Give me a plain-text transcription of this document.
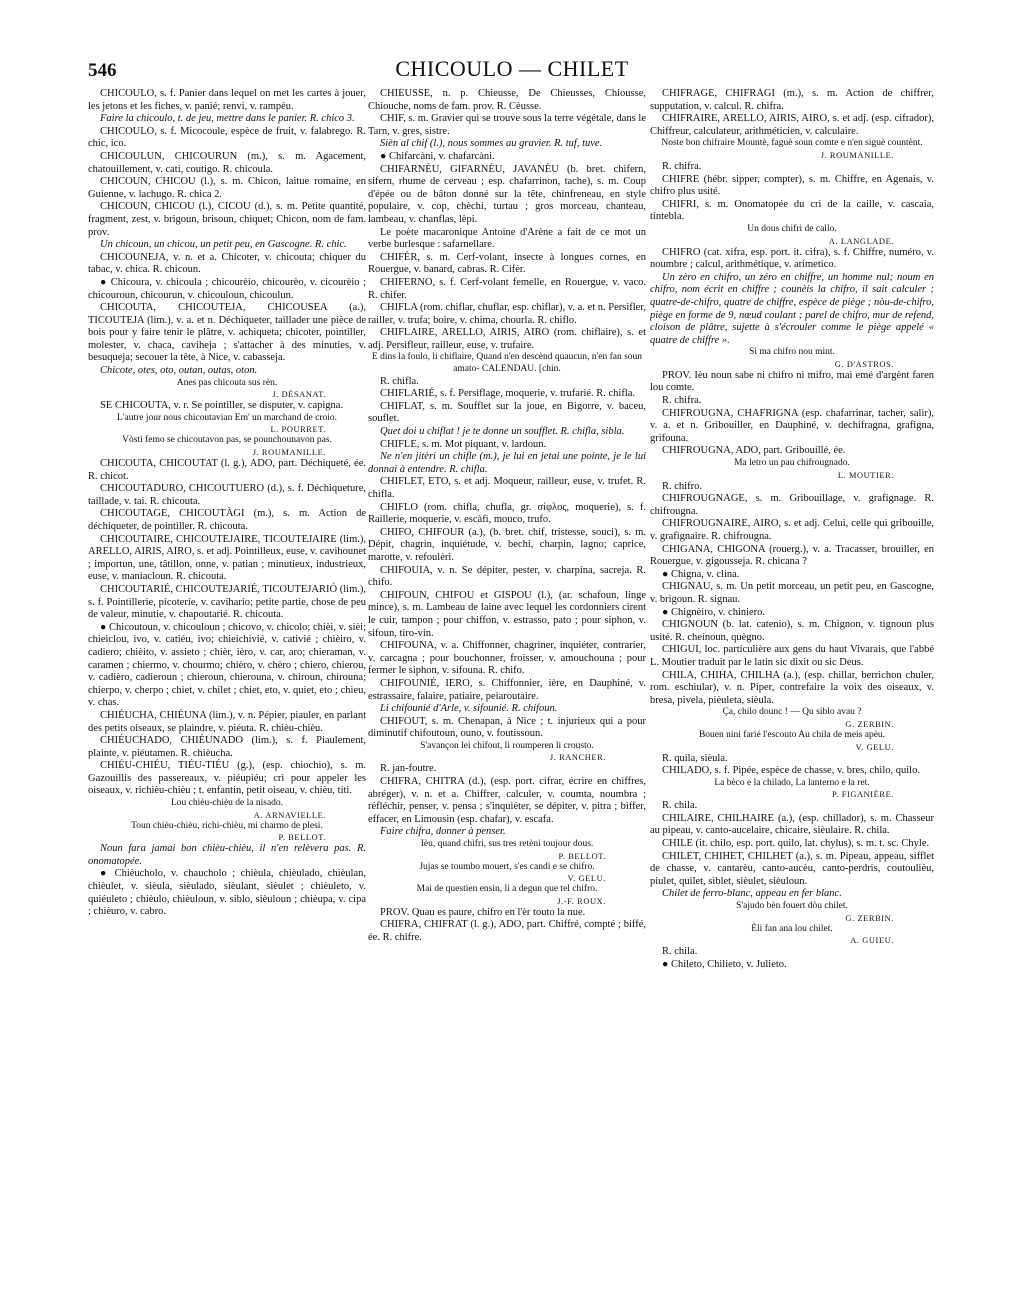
546	CHICOULO — CHILET

CHICOULO, s. f. Panier dans lequel on met les cartes à jouer, les jetons et les fiches, v. panié; renvi, v. rampèu.

Faire la chicoulo, t. de jeu, mettre dans le panier. R. chico 3.

CHICOULO, s. f. Micocoule, espèce de fruit, v. falabrego. R. chic, ico.

CHICOULUN, CHICOURUN (m.), s. m. Agacement, chatouillement, v. cati, coutigo. R. chicoula.

CHICOUN, CHICOU (l.), s. m. Chicon, laitue romaine, en Guienne, v. lachugo. R. chica 2.

CHICOUN, CHICOU (l.), CICOU (d.), s. m. Petite quantité, fragment, zest, v. brigoun, brisoun, chiquet; Chicon, nom de fam. prov.

Un chicoun, un chicou, un petit peu, en Gascogne. R. chic.

CHICOUNEJA, v. n. et a. Chicoter, v. chicouta; chiquer du tabac, v. chica. R. chicoun.

● Chicoura, v. chicoula ; chicourèio, chicourèo, v. cicourèio ; chicouroun, chicourun, v. chicouloun, chicoulun.

CHICOUTA, CHICOUTEJA, CHICOUSEA (a.), TICOUTEJA (lim.), v. a. et n. Déchiqueter, taillader une pièce de bois pour y faire tenir le plâtre, v. achiqueta; chicoter, pointiller, molester, v. chaca, caviheja ; s'attacher à des minuties, v. besuqueja; secouer la tête, à Nice, v. cabasseja.

Chicote, otes, oto, outan, outas, oton.

Anes pas chicouta sus rèn.

J. DÉSANAT.

SE CHICOUTA, v. r. Se pointiller, se disputer, v. capigna.

L'autre jour nous chicoutavian Em' un marchand de croio.

L. POURRET.

Vòsti femo se chicoutavon pas, se pounchounavon pas.

J. ROUMANILLE.

CHICOUTA, CHICOUTAT (l. g.), ADO, part. Déchiqueté, ée. R. chicot.

CHICOUTADURO, CHICOUTUERO (d.), s. f. Déchiqueture, taillade, v. tai. R. chicouta.

CHICOUTAGE, CHICOUTÀGI (m.), s. m. Action de déchiqueter, de pointiller. R. chicouta.

CHICOUTAIRE, CHICOUTEJAIRE, TICOUTEJAIRE (lim.), ARELLO, AIRIS, AIRO, s. et adj. Pointilleux, euse, v. cavihounet ; importun, une, tâtillon, onne, v. patian ; minutieux, industrieux, euse, v. maniacloun. R. chicouta.

CHICOUTARIÉ, CHICOUTEJARIÉ, TICOUTEJARIÓ (lim.), s. f. Pointillerie, picoterie, v. cavihario; petite partie, chose de peu de valeur, minutie, v. chapoutarié. R. chicouta.

● Chicoutoun, v. chicouloun ; chicovo, v. chicolo; chièi, v. sièi; chieiclou, ivo, v. catiéu, ivo; chieichivié, v. cativié ; chièiro, v. cadiero; chièito, v. assieto ; chièr, ièro, v. car, aro; chieraman, v. caramen ; chiermo, v. chourmo; chièro, v. chèro ; chiero, chierou, v. cadièro, cadieroun ; chieroun, chierouna, v. chiroun, chirouna; chierpo, v. cherpo ; chiet, v. chilet ; chiet, eto, v. quiet, eto ; chieu, v. chas.

CHIÉUCHA, CHIÉUNA (lim.), v. n. Pépier, piauler, en parlant des petits oiseaux, se plaindre, v. piéuta. R. chièu-chièu.

CHIÉUCHADO, CHIÉUNADO (lim.), s. f. Piaulement, plainte, v. piéutamen. R. chièucha.

CHIÉU-CHIÉU, TIÉU-TIÉU (g.), (esp. chiochio), s. m. Gazouillis des passereaux, v. piéupiéu; cri pour appeler les oiseaux, v. richièu-chièu ; t. enfantin, petit oiseau, v. chièu, titi.

Lou chièu-chièu de la nisado.

A. ARNAVIELLE.

Toun chièu-chièu, richi-chièu, mi charmo de plesi.

P. BELLOT.

Noun fara jamai bon chièu-chièu, il n'en relèvera pas. R. onomatopée.

● Chièucholo, v. chaucholo ; chièula, chièulado, chièulan, chièulet, v. sièula, sièulado, sièulant, sièulet ; chièuleto, v. quiéuleto ; chièulo, chièuloun, v. siblo, sièuloun ; chièupa, v. cipa ; chièuro, v. cabro.

CHIÉUSSE, n. p. Chieusse, De Chieusses, Chiousse, Chiouche, noms de fam. prov. R. Cèusse.

CHIF, s. m. Gravier qui se trouve sous la terre végétale, dans le Tarn, v. gres, sistre.

Sièn al chif (l.), nous sommes au gravier. R. tuf, tuve.

● Chifarcàni, v. chafarcàni.

CHIFARNÈU, GIFARNÈU, JAVANÈU (b. bret. chifern, sifern, rhume de cerveau ; esp. chafarrinon, tache), s. m. Coup d'épée ou de bâton donné sur la tête, chinfreneau, en style populaire, v. cop, chèchi, turtau ; gros morceau, chanteau, lambeau, v. chanflas, lèpi.

Le poète macaronique Antoine d'Arène a fait de ce mot un verbe burlesque : safarnellare.

CHIFÈR, s. m. Cerf-volant, insecte à longues cornes, en Rouergue, v. banard, cabras. R. Cifèr.

CHIFERNO, s. f. Cerf-volant femelle, en Rouergue, v. vaco. R. chifer.

CHIFLA (rom. chiflar, chuflar, esp. chiflar), v. a. et n. Persifler, railler, v. trufa; boire, v. chima, chourla. R. chiflo.

CHIFLAIRE, ARELLO, AIRIS, AIRO (rom. chiflaire), s. et adj. Persifleur, railleur, euse, v. trufaire.

E dins la foulo, li chiflaire, Quand n'en descènd quaucun, n'en fan soun amato- CALENDAU. [chin.

R. chifla.

CHIFLARIÉ, s. f. Persiflage, moquerie, v. trufarié. R. chifla.

CHIFLAT, s. m. Soufflet sur la joue, en Bigorre, v. baceu, souflet.

Quet doi u chiflat ! je te donne un soufflet. R. chifla, sibla.

CHIFLE, s. m. Mot piquant, v. lardoun.

Ne n'en jitèri un chifle (m.), je lui en jetai une pointe, je le lui donnai à entendre. R. chifla.

CHIFLET, ETO, s. et adj. Moqueur, railleur, euse, v. trufet. R. chifla.

CHIFLO (rom. chifla, chufla, gr. σίφλος, moquerie), s. f. Raillerie, moquerie, v. escàfi, mouco, trufo.

CHIFO, CHIFOUR (a.), (b. bret. chif, tristesse, souci), s. m. Dépit, chagrin, inquiétude, v. bechi, charpin, lagno; caprice, marotte, v. refoulèri.

CHIFOUIA, v. n. Se dépiter, pester, v. charpina, sacreja. R. chifo.

CHIFOUN, CHIFOU et GISPOU (l.), (ar. schafoun, linge mince), s. m. Lambeau de laine avec lequel les cordonniers cirent le cuir, tampon ; pour chiffon, v. estrasso, pato ; pour siphon, v. sifoun, tiro-vin.

CHIFOUNA, v. a. Chiffonner, chagriner, inquiéter, contrarier, v. carcagna ; pour bouchonner, froisser, v. amouchouna ; pour fermer le siphon, v. sifouna. R. chifo.

CHIFOUNIÉ, IERO, s. Chiffonnier, ière, en Dauphiné, v. estrassaire, falaire, patiaire, peiaroutaire.

Li chifounié d'Arle, v. sifounié. R. chifoun.

CHIFOUT, s. m. Chenapan, à Nice ; t. injurieux qui a pour diminutif chifoutoun, ouno, v. foutissoun.

S'avançon lei chifout, li roumperen li crousto.

J. RANCHER.

R. jan-foutre.

CHIFRA, CHITRA (d.), (esp. port. cifrar, écrire en chiffres, abréger), v. n. et a. Chiffrer, calculer, v. coumta, noumbra ; réfléchir, penser, v. pensa ; s'inquiéter, se dépiter, v. pitra ; biffer, effacer, en Limousin (esp. chafar), v. escafa.

Faire chifra, donner à penser.

Ièu, quand chifri, sus tres retèni toujour dous.

P. BELLOT.

Jujas se toumbo mouert, s'es candi e se chifro.

V. GELU.

Mai de questien ensin, li a degun que tel chifro.

J.-F. ROUX.

PROV. Quau es paure, chifro en l'èr touto la nue.

CHIFRA, CHIFRAT (l. g.), ADO, part. Chiffré, compté ; biffé, ée. R. chifre.

CHIFRAGE, CHIFRÀGI (m.), s. m. Action de chiffrer, supputation, v. calcul. R. chifra.

CHIFRAIRE, ARELLO, AIRIS, AIRO, s. et adj. (esp. cifrador), Chiffreur, calculateur, arithméticien, v. calculaire.

Noste bon chifraire Mountè, faguè soun comte e n'en siguè countènt.

J. ROUMANILLE.

R. chifra.

CHIFRE (hébr. sipper, compter), s. m. Chiffre, en Agenais, v. chifro plus usité.

CHIFRI, s. m. Onomatopée du cri de la caille, v. cascaia, tintebla.

Un dous chifri de callo.

A. LANGLADE.

CHIFRO (cat. xifra, esp. port. it. cifra), s. f. Chiffre, numéro, v. noumbre ; calcul, arithmétique, v. arimetico.

Un zèro en chifro, un zéro en chiffre, un homme nul; noum en chifro, nom écrit en chiffre ; counèis la chifro, il sait calculer ; quatre-de-chifro, quatre de chiffre, espèce de piège ; nòu-de-chifro, piège en forme de 9, nœud coulant ; parel de chifro, mur de refend, cloison de plâtre, sujette à s'écrouler comme le piège appelé « quatre de chiffre ».

Si ma chifro nou mint.

G. D'ASTROS.

PROV. Ièu noun sabe ni chifro ni mifro, mai emé d'argènt faren lou comte.

R. chifra.

CHIFROUGNA, CHAFRIGNA (esp. chafarrinar, tacher, salir), v. a. et n. Gribouiller, en Dauphiné, v. dechifragna, grafigna, grifouna.

CHIFROUGNA, ADO, part. Gribouillé, ée.

Ma letro un pau chifrougnado.

L. MOUTIER.

R. chifro.

CHIFROUGNAGE, s. m. Gribouillage, v. grafignage. R. chifrougna.

CHIFROUGNAIRE, AIRO, s. et adj. Celui, celle qui gribouille, v. grafignaire. R. chifrougna.

CHIGANA, CHIGONA (rouerg.), v. a. Tracasser, brouiller, en Rouergue, v. gigousseja. R. chicana ?

● Chigna, v. clina.

CHIGNAU, s. m. Un petit morceau, un petit peu, en Gascogne, v. brigoun. R. signau.

● Chignèiro, v. chiniero.

CHIGNOUN (b. lat. catenio), s. m. Chignon, v. tignoun plus usité. R. cheinoun, quègno.

CHIGUI, loc. particulière aux gens du haut Vivarais, que l'abbé L. Moutier traduit par le latin sic dixit ou sic Deus.

CHILA, CHIHA, CHILHA (a.), (esp. chillar, berrichon chuler, rom. eschiular), v. n. Piper, contrefaire la voix des oiseaux, v. bresa, pivela, pièuleta, sièula.

Ça, chilo dounc ! — Qu siblo avau ?

G. ZERBIN.

Bouen nini farié l'escouto Au chila de meis apèu.

V. GELU.

R. quila, sièula.

CHILADO, s. f. Pipée, espèce de chasse, v. bres, chilo, quilo.

La bèco e la chilado, La lanterno e la ret.

P. FIGANIÈRE.

R. chila.

CHILAIRE, CHILHAIRE (a.), (esp. chillador), s. m. Chasseur au pipeau, v. canto-aucelaire, chicaire, sièulaire. R. chila.

CHILE (it. chilo, esp. port. quilo, lat. chylus), s. m. t. sc. Chyle.

CHILET, CHIHET, CHILHET (a.), s. m. Pipeau, appeau, sifflet de chasse, v. cantarèu, canto-aucèu, canto-perdris, coutoulièu, piulet, quilet, siblet, sièulet, sièuloun.

Chilet de ferro-blanc, appeau en fer blanc.

S'ajudo bèn fouert dòu chilet.

G. ZERBIN.

Èli fan ana lou chilet.

A. GUIEU.

R. chila.

● Chileto, Chilieto, v. Julieto.
